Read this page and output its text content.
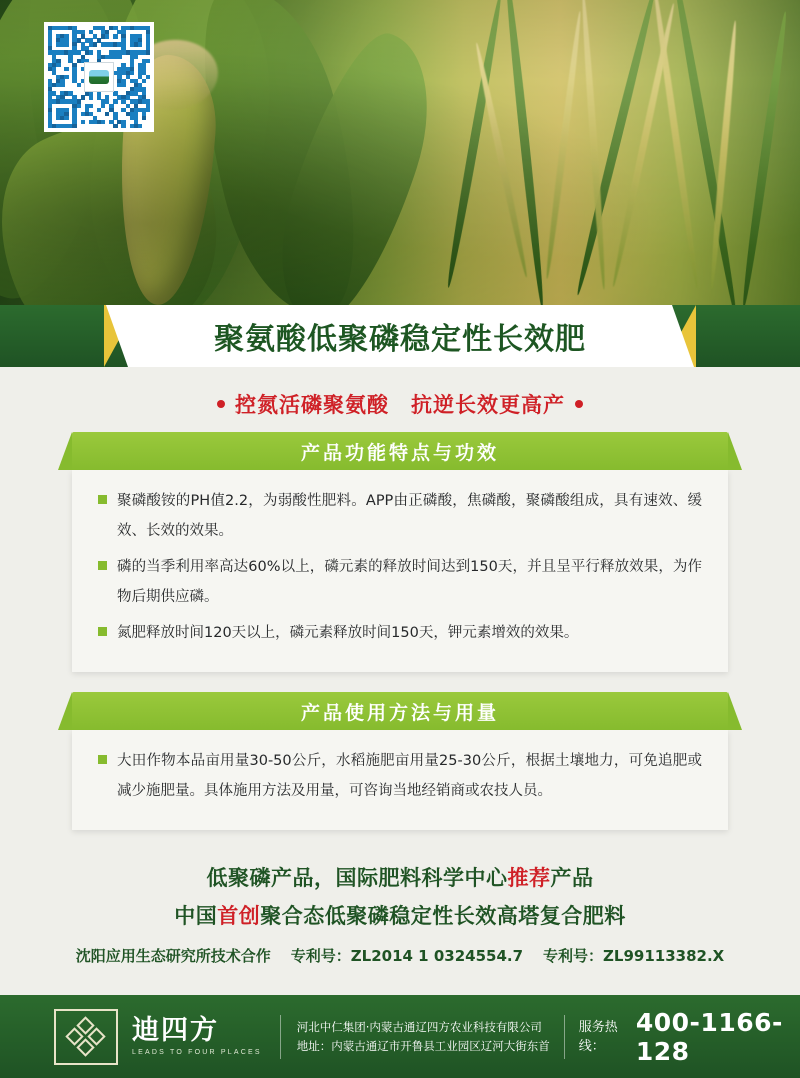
聚氨酸低聚磷稳定性长效肥
控氮活磷聚氨酸 抗逆长效更高产
产品功能特点与功效
聚磷酸铵的PH值2.2，为弱酸性肥料。APP由正磷酸，焦磷酸，聚磷酸组成，具有速效、缓效、长效的效果。
磷的当季利用率高达60%以上，磷元素的释放时间达到150天，并且呈平行释放效果，为作物后期供应磷。
氮肥释放时间120天以上，磷元素释放时间150天，钾元素增效的效果。
产品使用方法与用量
大田作物本品亩用量30-50公斤，水稻施肥亩用量25-30公斤，根据土壤地力，可免追肥或减少施肥量。具体施用方法及用量，可咨询当地经销商或农技人员。
低聚磷产品，国际肥料科学中心推荐产品
中国首创聚合态低聚磷稳定性长效高塔复合肥料
沈阳应用生态研究所技术合作 专利号：ZL2014 1 0324554.7 专利号：ZL99113382.X
迪四方
LEADS TO FOUR PLACES
河北中仁集团·内蒙古通辽四方农业科技有限公司
地址：内蒙古通辽市开鲁县工业园区辽河大街东首
服务热线：
400-1166-128
